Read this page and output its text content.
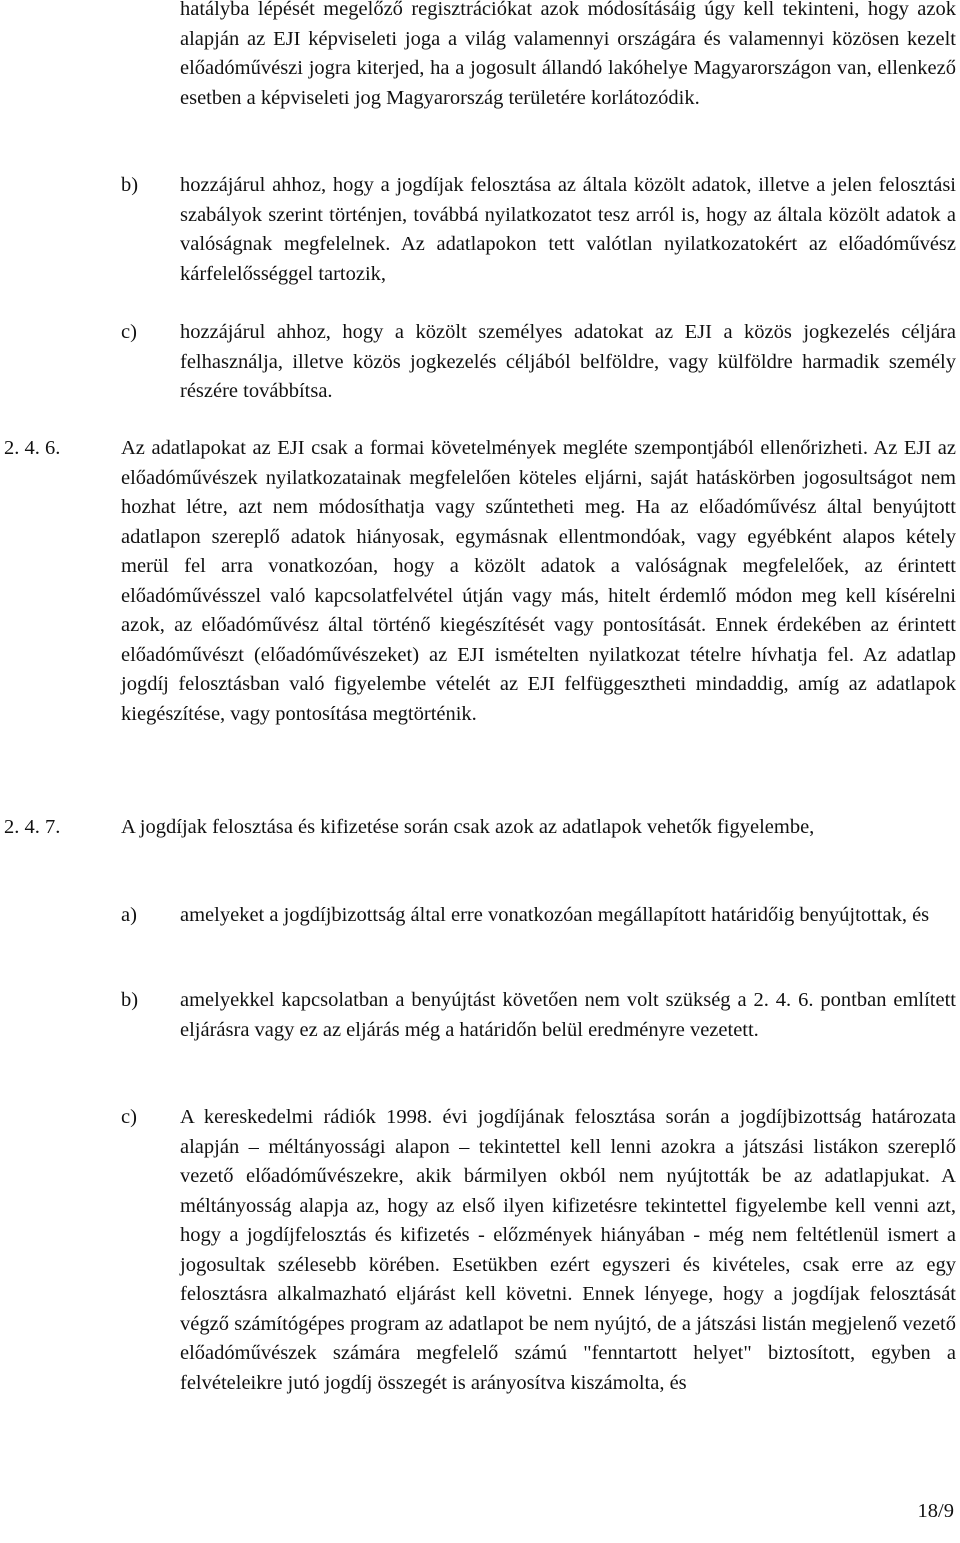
hatályba lépését megelőző regisztrációkat azok módosításáig úgy kell tekinteni, hogy azok alapján az EJI képviseleti joga a világ valamennyi országára és valamennyi közösen kezelt előadóművészi jogra kiterjed, ha a jogosult állandó lakóhelye Magyarországon van, ellenkező esetben a képviseleti jog Magyarország területére korlátozódik.
b) hozzájárul ahhoz, hogy a jogdíjak felosztása az általa közölt adatok, illetve a jelen felosztási szabályok szerint történjen, továbbá nyilatkozatot tesz arról is, hogy az általa közölt adatok a valóságnak megfelelnek. Az adatlapokon tett valótlan nyilatkozatokért az előadóművész kárfelelősséggel tartozik,
c) hozzájárul ahhoz, hogy a közölt személyes adatokat az EJI a közös jogkezelés céljára felhasználja, illetve közös jogkezelés céljából belföldre, vagy külföldre harmadik személy részére továbbítsa.
2. 4. 6.	Az adatlapokat az EJI csak a formai követelmények megléte szempontjából ellenőrizheti. Az EJI az előadóművészek nyilatkozatainak megfelelően köteles eljárni, saját hatáskörben jogosultságot nem hozhat létre, azt nem módosíthatja vagy szűntetheti meg. Ha az előadóművész által benyújtott adatlapon szereplő adatok hiányosak, egymásnak ellentmondóak, vagy egyébként alapos kétely merül fel arra vonatkozóan, hogy a közölt adatok a valóságnak megfelelőek, az érintett előadóművésszel való kapcsolatfelvétel útján vagy más, hitelt érdemlő módon meg kell kísérelni azok, az előadóművész által történő kiegészítését vagy pontosítását. Ennek érdekében az érintett előadóművészt (előadóművészeket) az EJI ismételten nyilatkozat tételre hívhatja fel. Az adatlap jogdíj felosztásban való figyelembe vételét az EJI felfüggesztheti mindaddig, amíg az adatlapok kiegészítése, vagy pontosítása megtörténik.
2. 4. 7.	A jogdíjak felosztása és kifizetése során csak azok az adatlapok vehetők figyelembe,
a) amelyeket a jogdíjbizottság által erre vonatkozóan megállapított határidőig benyújtottak, és
b) amelyekkel kapcsolatban a benyújtást követően nem volt szükség a 2. 4. 6. pontban említett eljárásra vagy ez az eljárás még a határidőn belül eredményre vezetett.
c) A kereskedelmi rádiók 1998. évi jogdíjának felosztása során a jogdíjbizottság határozata alapján – méltányossági alapon – tekintettel kell lenni azokra a játszási listákon szereplő vezető előadóművészekre, akik bármilyen okból nem nyújtották be az adatlapjukat. A méltányosság alapja az, hogy az első ilyen kifizetésre tekintettel figyelembe kell venni azt, hogy a jogdíjfelosztás és kifizetés - előzmények hiányában - még nem feltétlenül ismert a jogosultak szélesebb körében. Esetükben ezért egyszeri és kivételes, csak erre az egy felosztásra alkalmazható eljárást kell követni. Ennek lényege, hogy a jogdíjak felosztását végző számítógépes program az adatlapot be nem nyújtó, de a játszási listán megjelenő vezető előadóművészek számára megfelelő számú "fenntartott helyet" biztosított, egyben a felvételeikre jutó jogdíj összegét is arányosítva kiszámolta, és
18/9
